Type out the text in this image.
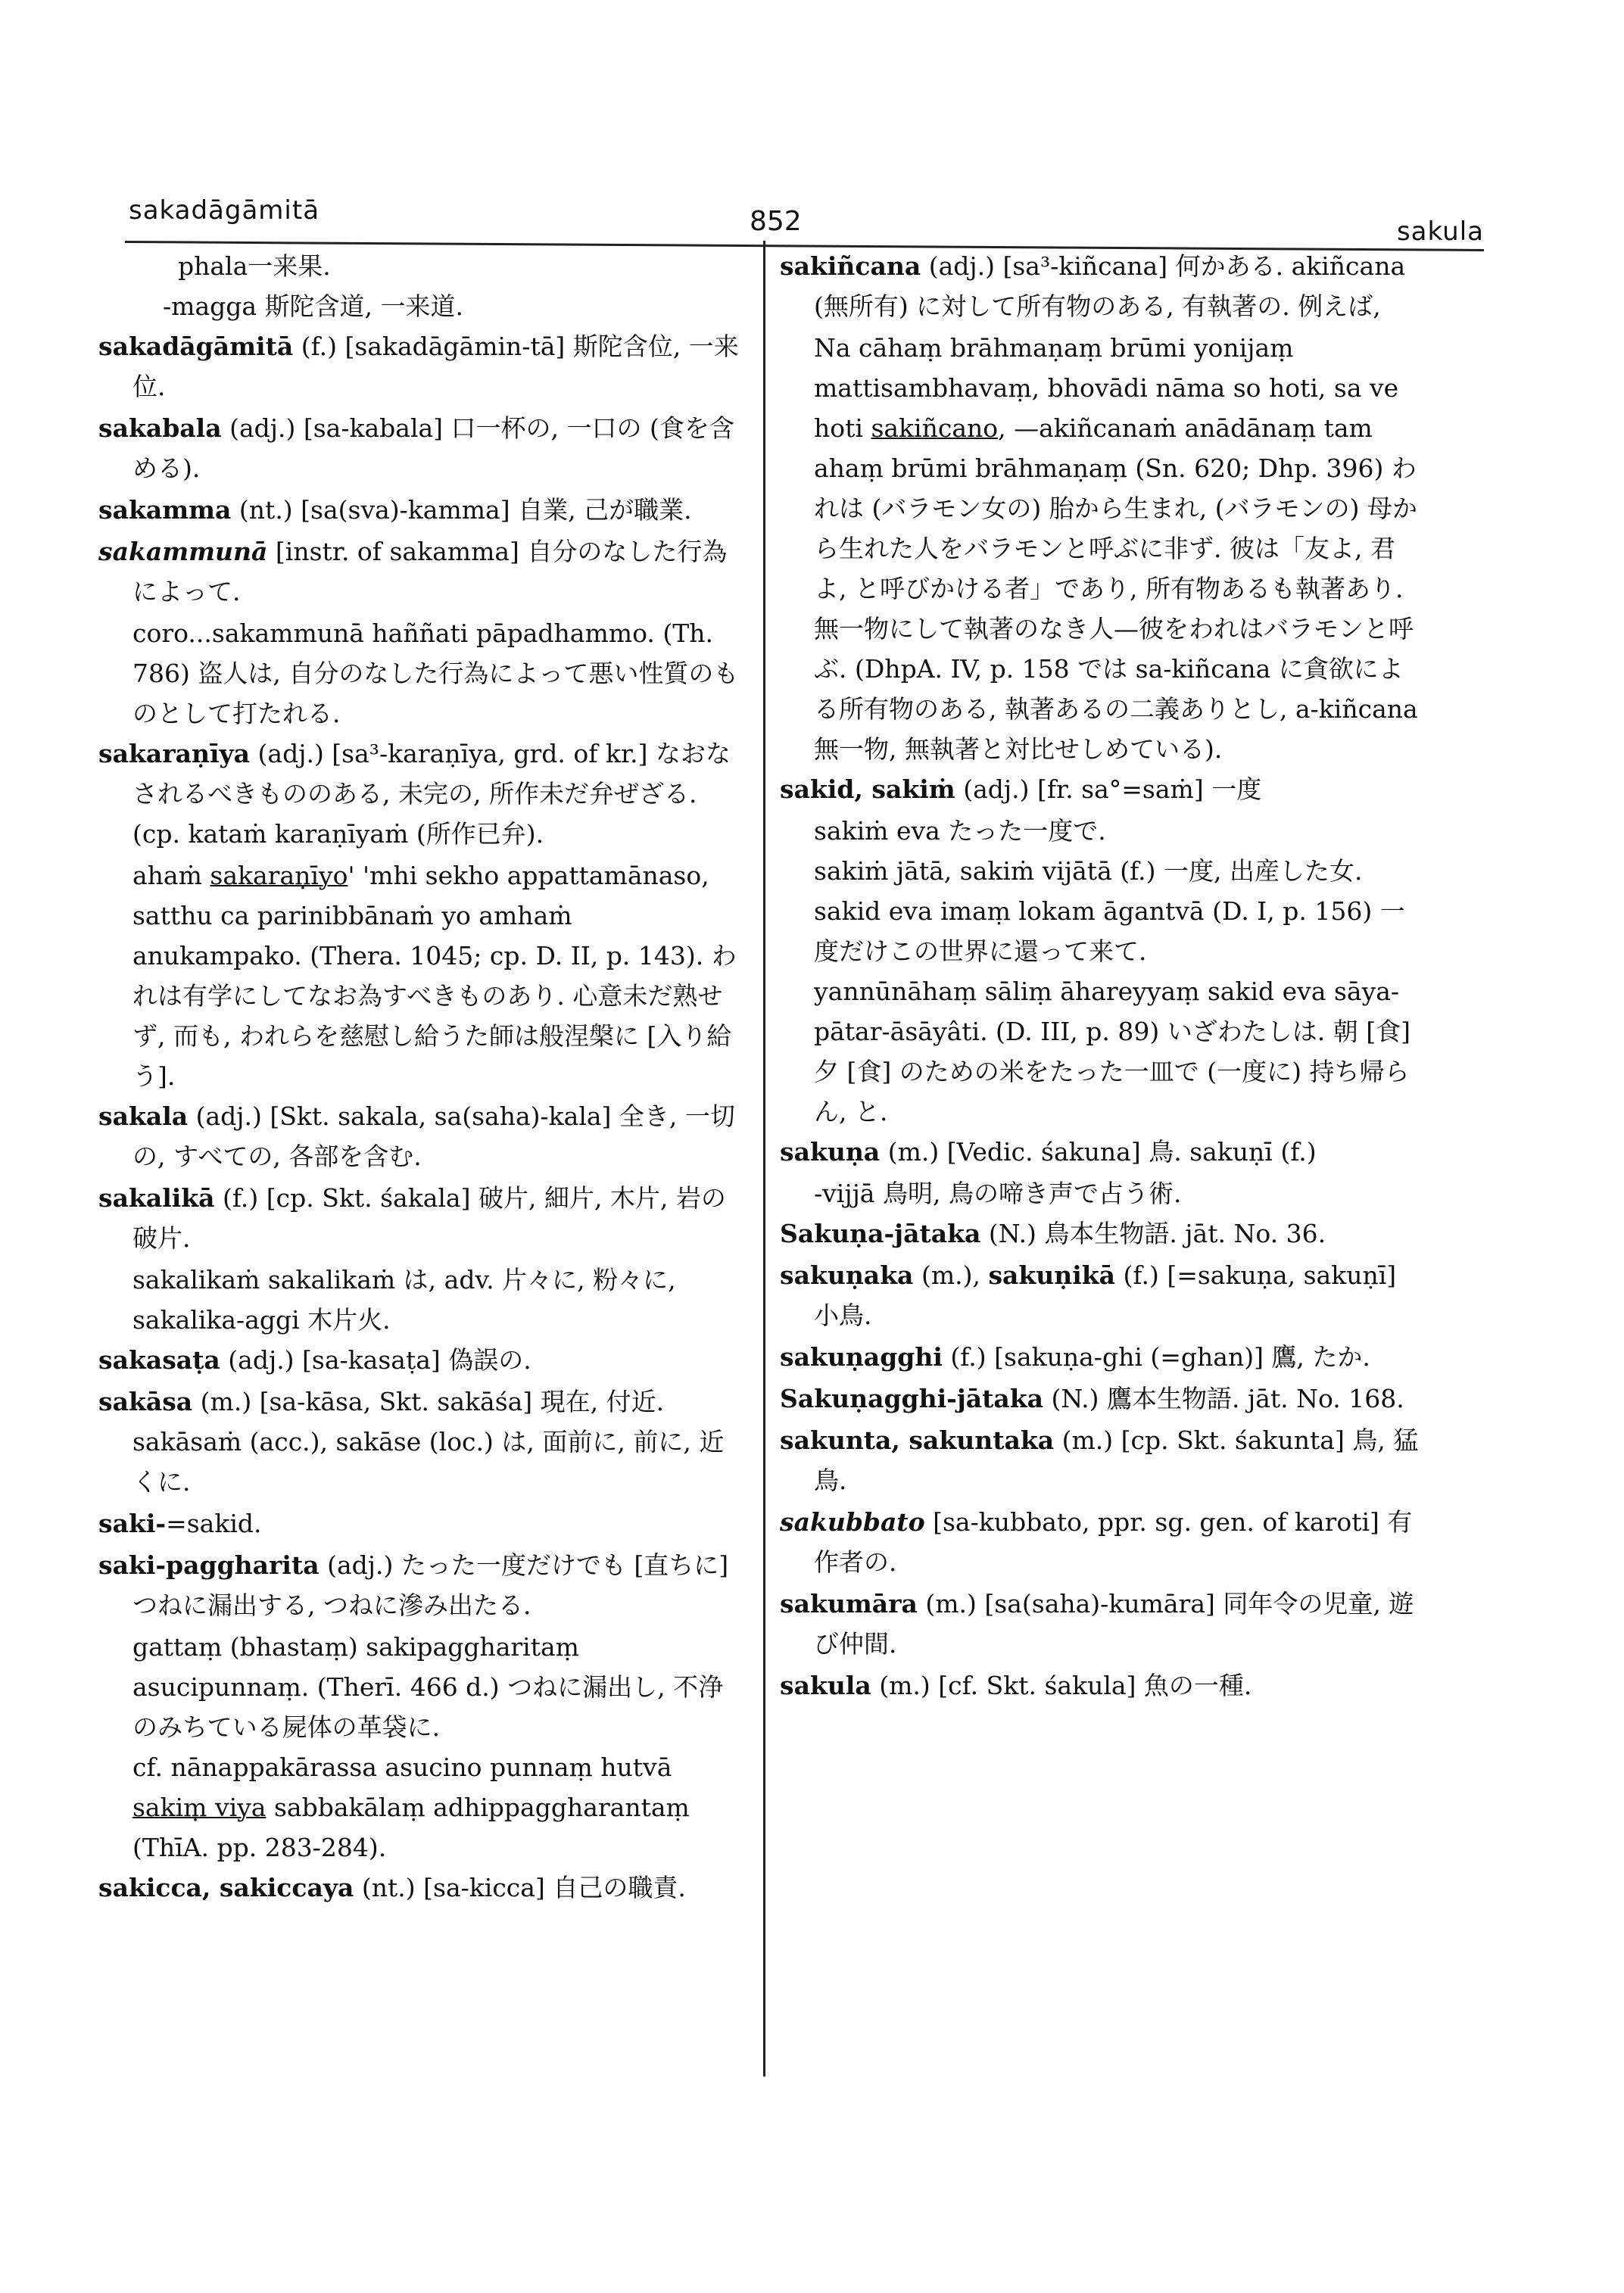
sakadāgāmitā	852	sakula

phala一来果.

-magga 斯陀含道, 一来道.

sakadāgāmitā (f.) [sakadāgāmin-tā] 斯陀含位, 一来位.

sakabala (adj.) [sa-kabala] 口一杯の, 一口の (食を含める).

sakamma (nt.) [sa(sva)-kamma] 自業, 己が職業.

sakammunā [instr. of sakamma] 自分のなした行為によって.

coro...sakammunā haññati pāpadhammo. (Th. 786) 盗人は, 自分のなした行為によって悪い性質のものとして打たれる.

sakaraṇīya (adj.) [sa³-karaṇīya, grd. of kr.] なおなされるべきもののある, 未完の, 所作未だ弁ぜざる. (cp. kataṁ karaṇīyaṁ (所作已弁).

ahaṁ sakaraṇīyo' 'mhi sekho appattamānaso, satthu ca parinibbānaṁ yo amhaṁ anukampako. (Thera. 1045; cp. D. II, p. 143). われは有学にしてなお為すべきものあり. 心意未だ熟せず, 而も, われらを慈慰し給うた師は般涅槃に [入り給う].

sakala (adj.) [Skt. sakala, sa(saha)-kala] 全き, 一切の, すべての, 各部を含む.

sakalikā (f.) [cp. Skt. śakala] 破片, 細片, 木片, 岩の破片.

sakalikaṁ sakalikaṁ は, adv. 片々に, 粉々に, sakalika-aggi 木片火.

sakasaṭa (adj.) [sa-kasaṭa] 偽誤の.

sakāsa (m.) [sa-kāsa, Skt. sakāśa] 現在, 付近. sakāsaṁ (acc.), sakāse (loc.) は, 面前に, 前に, 近くに.

saki-=sakid.

saki-paggharita (adj.) たった一度だけでも [直ちに] つねに漏出する, つねに滲み出たる.

gattaṃ (bhastaṃ) sakipaggharitaṃ asucipunnaṃ. (Therī. 466 d.) つねに漏出し, 不浄のみちている屍体の革袋に.

cf. nānappakārassa asucino punnaṃ hutvā sakiṃ viya sabbakālaṃ adhippaggharantaṃ (ThīA. pp. 283-284).

sakicca, sakiccaya (nt.) [sa-kicca] 自己の職責.

sakiñcana (adj.) [sa³-kiñcana] 何かある. akiñcana (無所有) に対して所有物のある, 有執著の. 例えば,

Na cāhaṃ brāhmaṇaṃ brūmi yonijaṃ mattisambhavaṃ, bhovādi nāma so hoti, sa ve hoti sakiñcano, —akiñcanaṁ anādānaṃ tam ahaṃ brūmi brāhmaṇaṃ (Sn. 620; Dhp. 396) われは (バラモン女の) 胎から生まれ, (バラモンの) 母から生れた人をバラモンと呼ぶに非ず. 彼は「友よ, 君よ, と呼びかける者」であり, 所有物あるも執著あり. 無一物にして執著のなき人—彼をわれはバラモンと呼ぶ. (DhpA. IV, p. 158 では sa-kiñcana に貪欲による所有物のある, 執著あるの二義ありとし, a-kiñcana 無一物, 無執著と対比せしめている).

sakid, sakiṁ (adj.) [fr. sa°=saṁ] 一度

sakiṁ eva たった一度で.

sakiṁ jātā, sakiṁ vijātā (f.) 一度, 出産した女.

sakid eva imaṃ lokam āgantvā (D. I, p. 156) 一度だけこの世界に還って来て.

yannūnāhaṃ sāliṃ āhareyyaṃ sakid eva sāya-pātar-āsāyâti. (D. III, p. 89) いざわたしは. 朝 [食] 夕 [食] のための米をたった一皿で (一度に) 持ち帰らん, と.

sakuṇa (m.) [Vedic. śakuna] 鳥. sakuṇī (f.)

-vijjā 鳥明, 鳥の啼き声で占う術.

Sakuṇa-jātaka (N.) 鳥本生物語. jāt. No. 36.

sakuṇaka (m.), sakuṇikā (f.) [=sakuṇa, sakuṇī] 小鳥.

sakuṇagghi (f.) [sakuṇa-ghi (=ghan)] 鷹, たか.

Sakuṇagghi-jātaka (N.) 鷹本生物語. jāt. No. 168.

sakunta, sakuntaka (m.) [cp. Skt. śakunta] 鳥, 猛鳥.

sakubbato [sa-kubbato, ppr. sg. gen. of karoti] 有作者の.

sakumāra (m.) [sa(saha)-kumāra] 同年令の児童, 遊び仲間.

sakula (m.) [cf. Skt. śakula] 魚の一種.
